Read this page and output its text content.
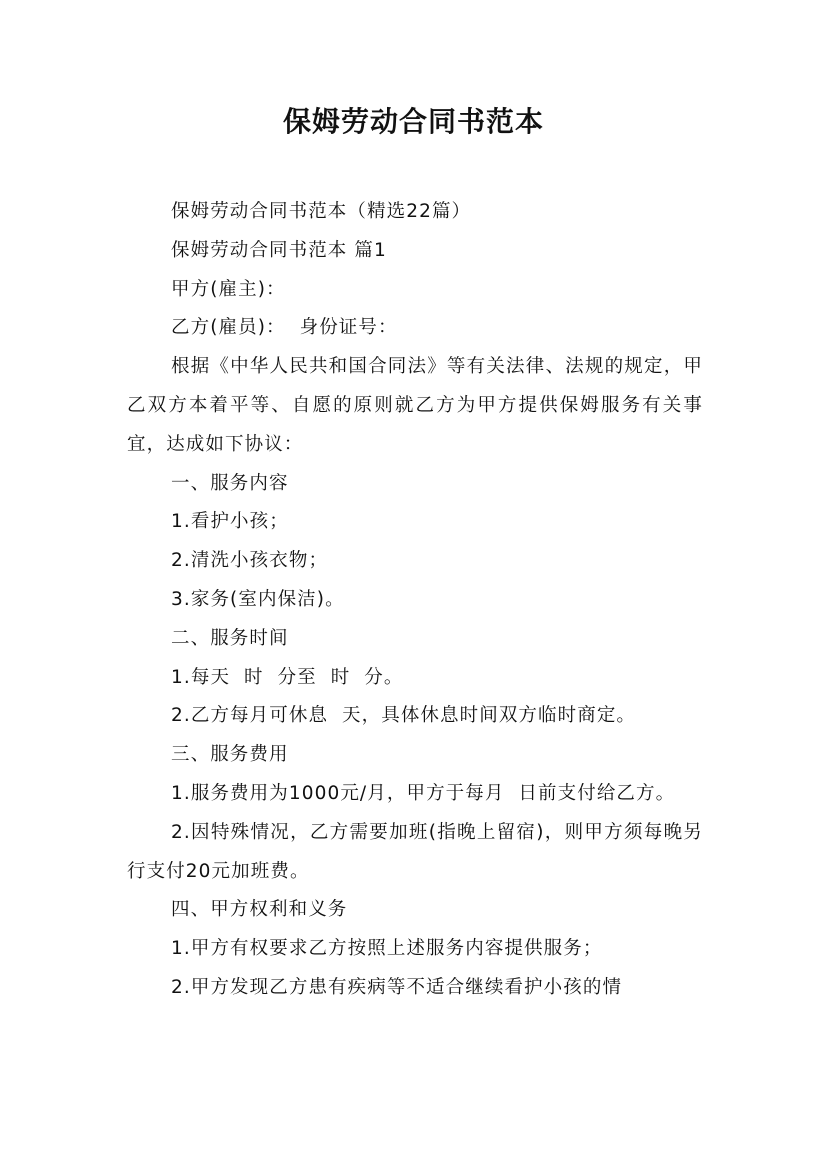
保姆劳动合同书范本

保姆劳动合同书范本（精选22篇）

保姆劳动合同书范本 篇1

甲方(雇主)：

乙方(雇员)：  身份证号：

根据《中华人民共和国合同法》等有关法律、法规的规定，甲乙双方本着平等、自愿的原则就乙方为甲方提供保姆服务有关事宜，达成如下协议：

一、服务内容

1.看护小孩；

2.清洗小孩衣物；

3.家务(室内保洁)。

二、服务时间

1.每天  时  分至  时  分。

2.乙方每月可休息  天，具体休息时间双方临时商定。

三、服务费用

1.服务费用为1000元/月，甲方于每月  日前支付给乙方。

2.因特殊情况，乙方需要加班(指晚上留宿)，则甲方须每晚另行支付20元加班费。

四、甲方权利和义务

1.甲方有权要求乙方按照上述服务内容提供服务；

2.甲方发现乙方患有疾病等不适合继续看护小孩的情
